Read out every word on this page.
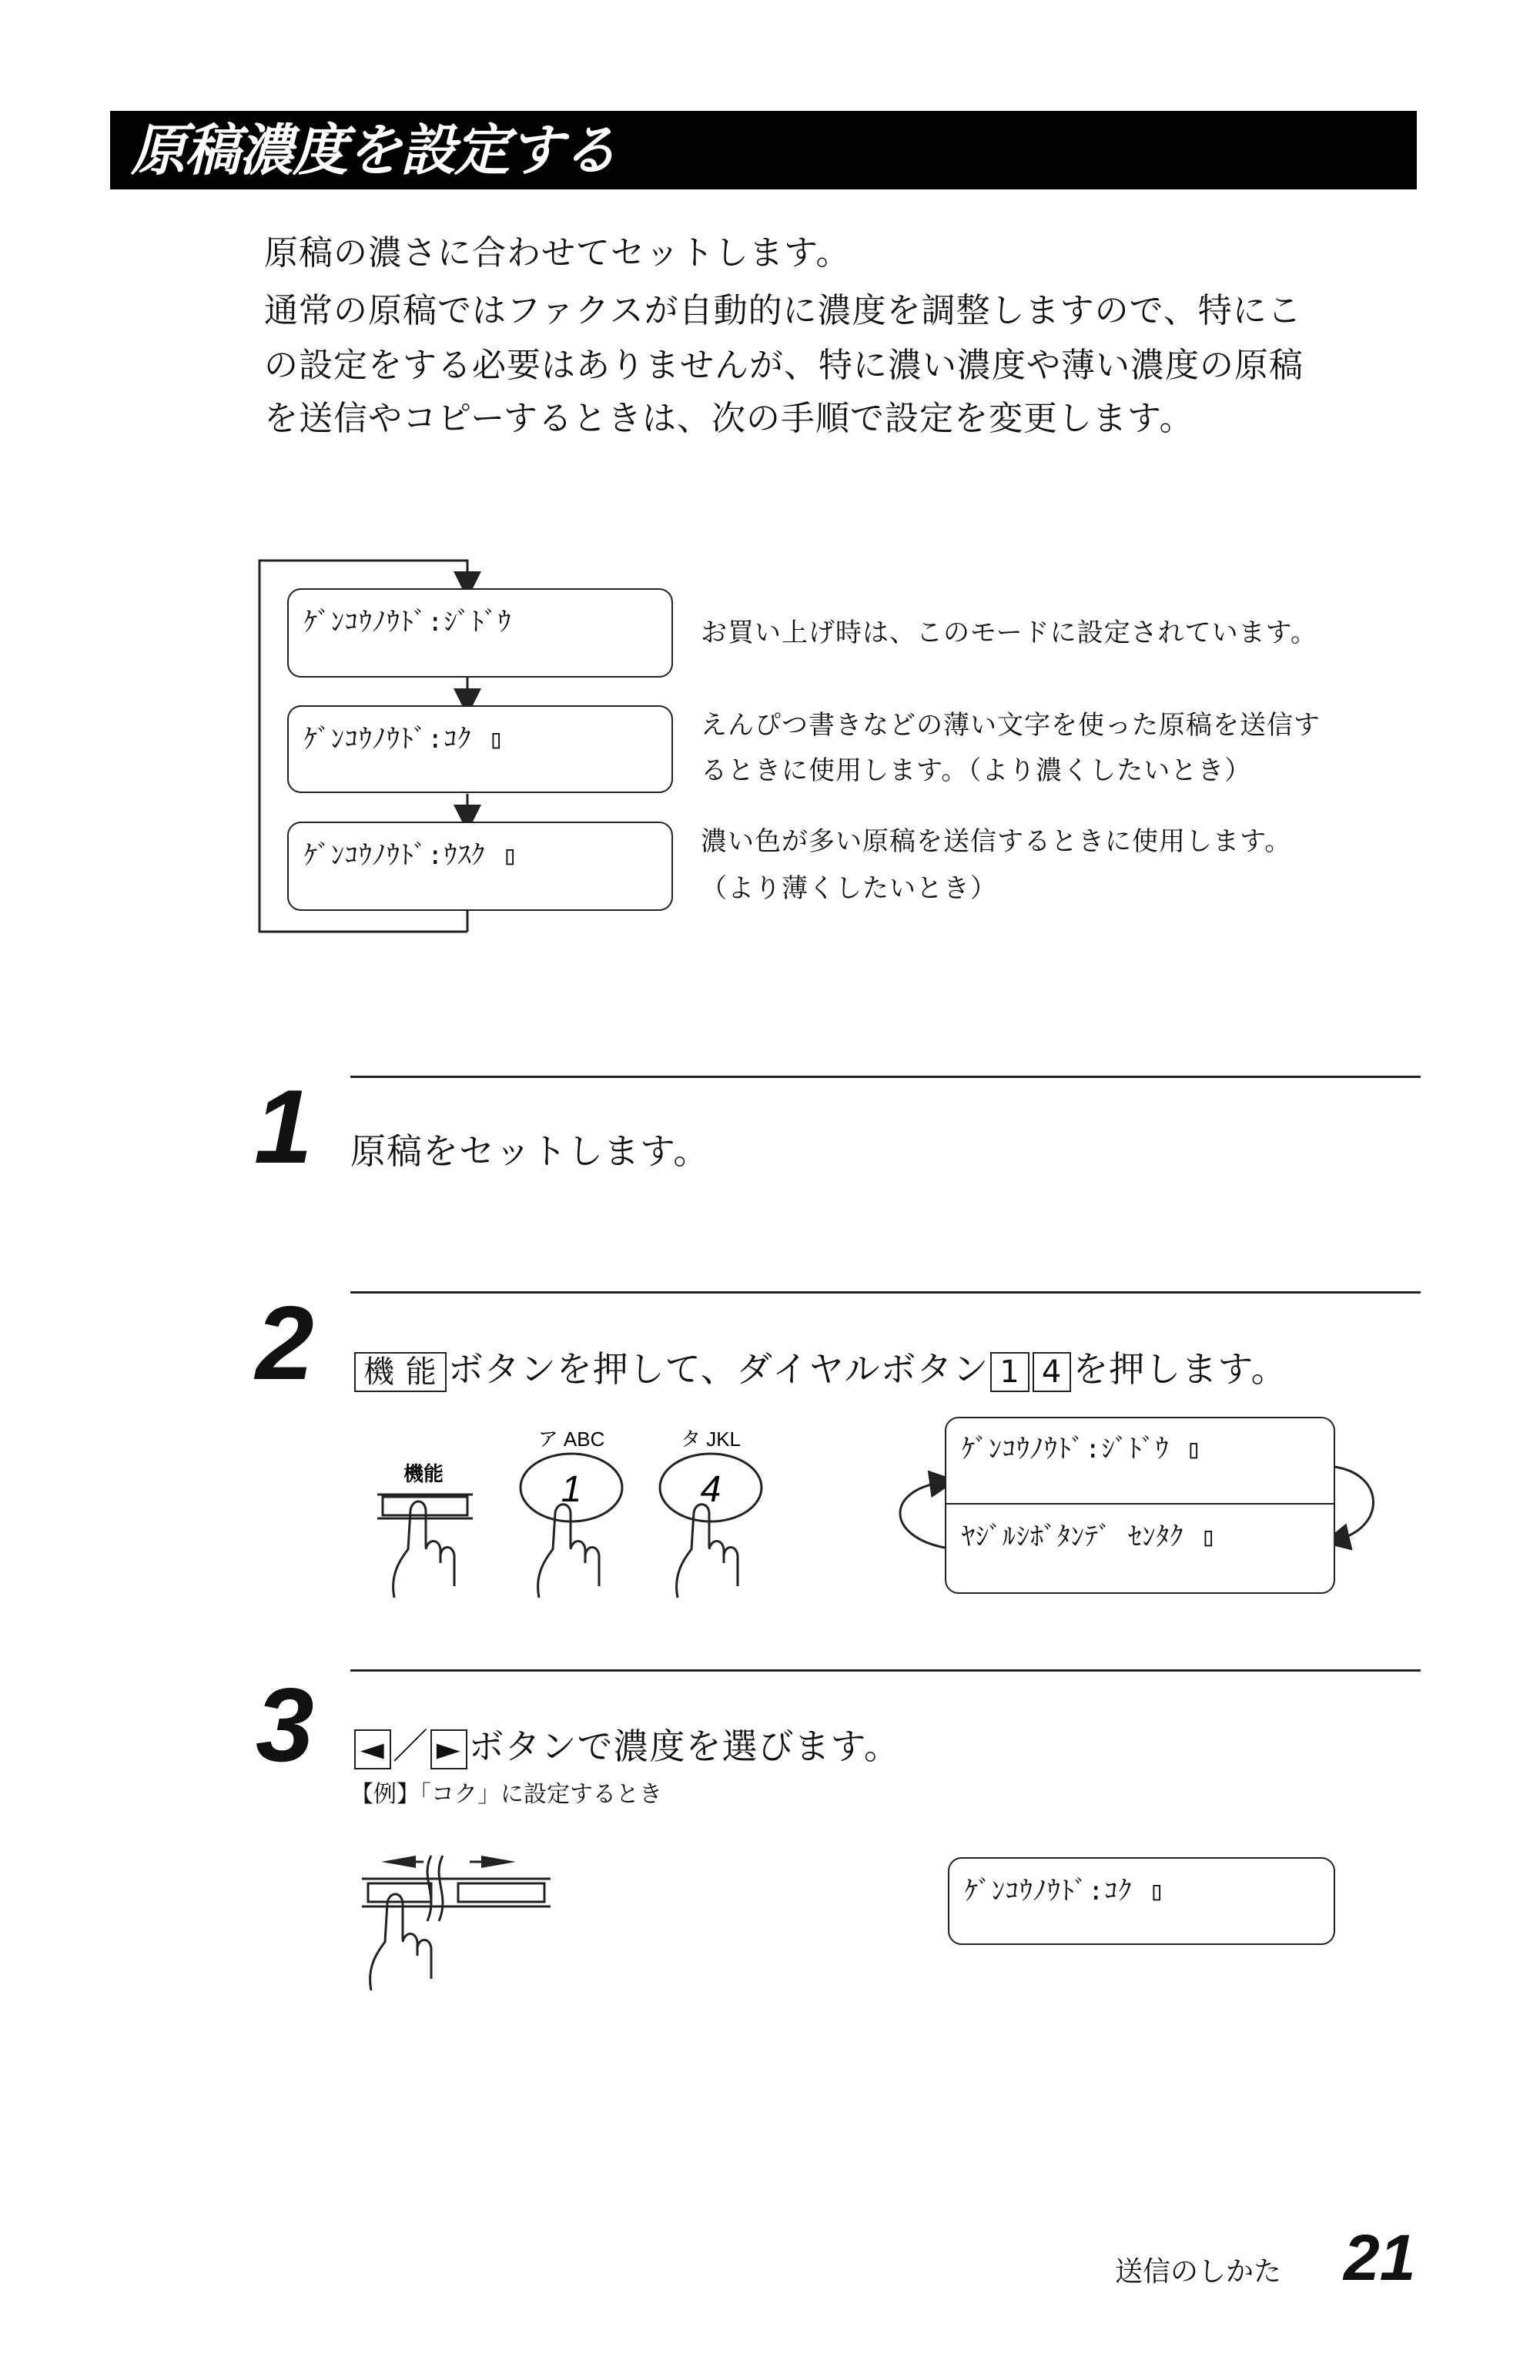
原稿濃度を設定する
原稿の濃さに合わせてセットします。
通常の原稿ではファクスが自動的に濃度を調整しますので、特にこ
の設定をする必要はありませんが、特に濃い濃度や薄い濃度の原稿
を送信やコピーするときは、次の手順で設定を変更します。
ｹﾞﾝｺｳﾉｳﾄﾞ:ｼﾞﾄﾞｳ	お買い上げ時は、このモードに設定されています。
ｹﾞﾝｺｳﾉｳﾄﾞ:ｺｸ ▯	えんぴつ書きなどの薄い文字を使った原稿を送信す
るときに使用します。（より濃くしたいとき）
ｹﾞﾝｺｳﾉｳﾄﾞ:ｳｽｸ ▯	濃い色が多い原稿を送信するときに使用します。
（より薄くしたいとき）
1 原稿をセットします。
2	機 能 ボタンを押して、ダイヤルボタン 1 4 を押します。
機能
ア ABC
1
タ JKL
4
ｹﾞﾝｺｳﾉｳﾄﾞ:ｼﾞﾄﾞｳ ▯
ﾔｼﾞﾙｼﾎﾞﾀﾝﾃﾞ ｾﾝﾀｸ ▯
3 ◄ ／ ► ボタンで濃度を選びます。
【例】「コク」に設定するとき
ｹﾞﾝｺｳﾉｳﾄﾞ:ｺｸ ▯
送信のしかた 21
